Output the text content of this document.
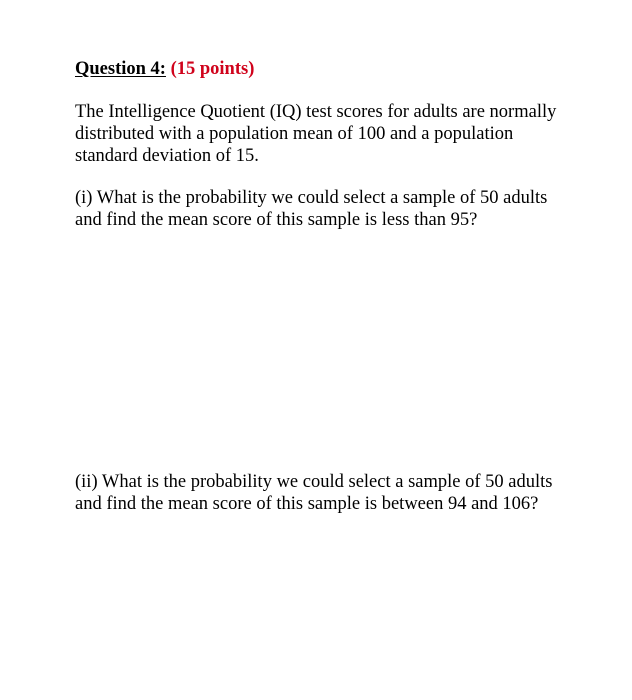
Question 4: (15 points)

The Intelligence Quotient (IQ) test scores for adults are normally distributed with a population mean of 100 and a population standard deviation of 15.

(i) What is the probability we could select a sample of 50 adults and find the mean score of this sample is less than 95?

(ii) What is the probability we could select a sample of 50 adults and find the mean score of this sample is between 94 and 106?
